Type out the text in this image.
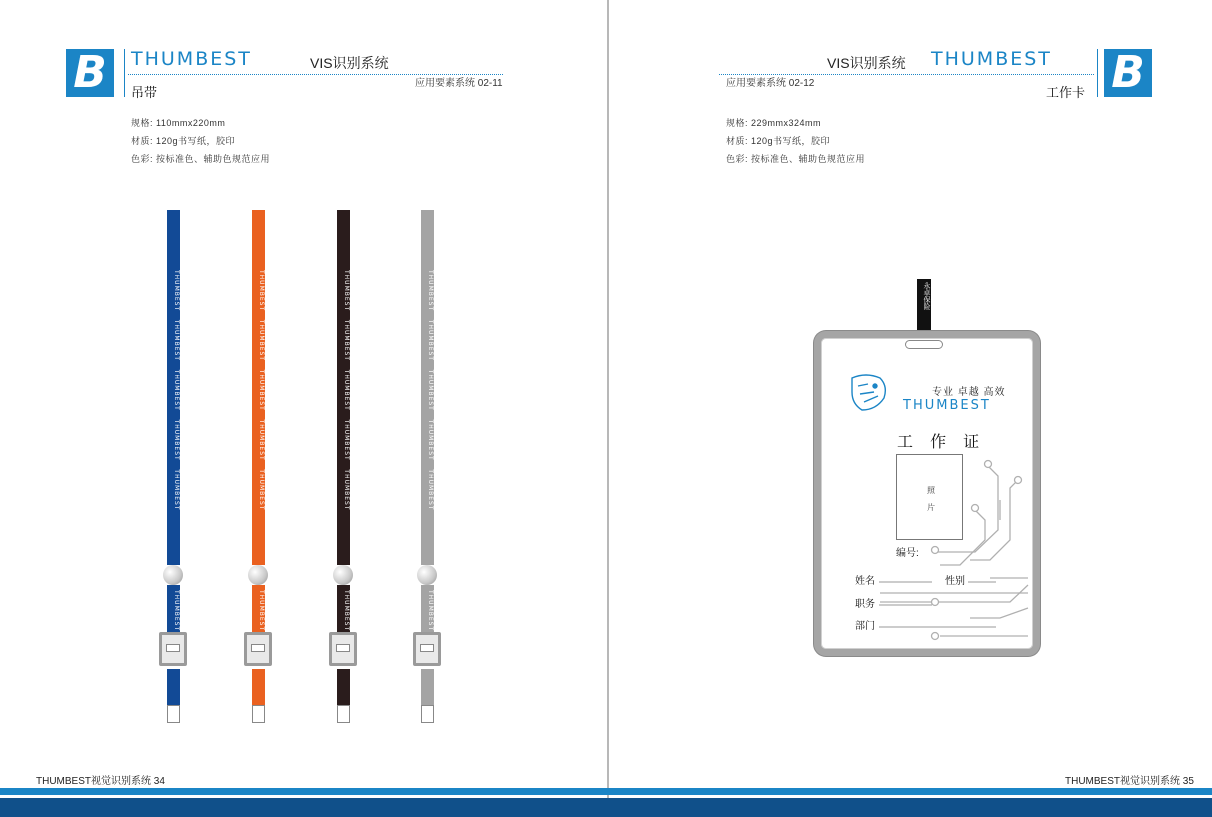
B	THUMBEST	VIS识别系统
应用要素系统 02-11
吊带
规格: 110mmx220mm
材质: 120g书写纸，胶印
色彩: 按标准色、辅助色规范应用
THUMBEST   THUMBEST   THUMBEST   THUMBEST   THUMBEST
THUMBEST
THUMBEST   THUMBEST   THUMBEST   THUMBEST   THUMBEST
THUMBEST
THUMBEST   THUMBEST   THUMBEST   THUMBEST   THUMBEST
THUMBEST
THUMBEST   THUMBEST   THUMBEST   THUMBEST   THUMBEST
THUMBEST
THUMBEST视觉识别系统 34
VIS识别系统 THUMBEST B
应用要素系统 02-12
工作卡
规格: 229mmx324mm
材质: 120g书写纸，胶印
色彩: 按标准色、辅助色规范应用
THUMBEST视觉识别系统 35
永卓保险
专业 卓越 高效
THUMBEST
工 作 证
照 片
编号:
姓名	性别
职务
部门
